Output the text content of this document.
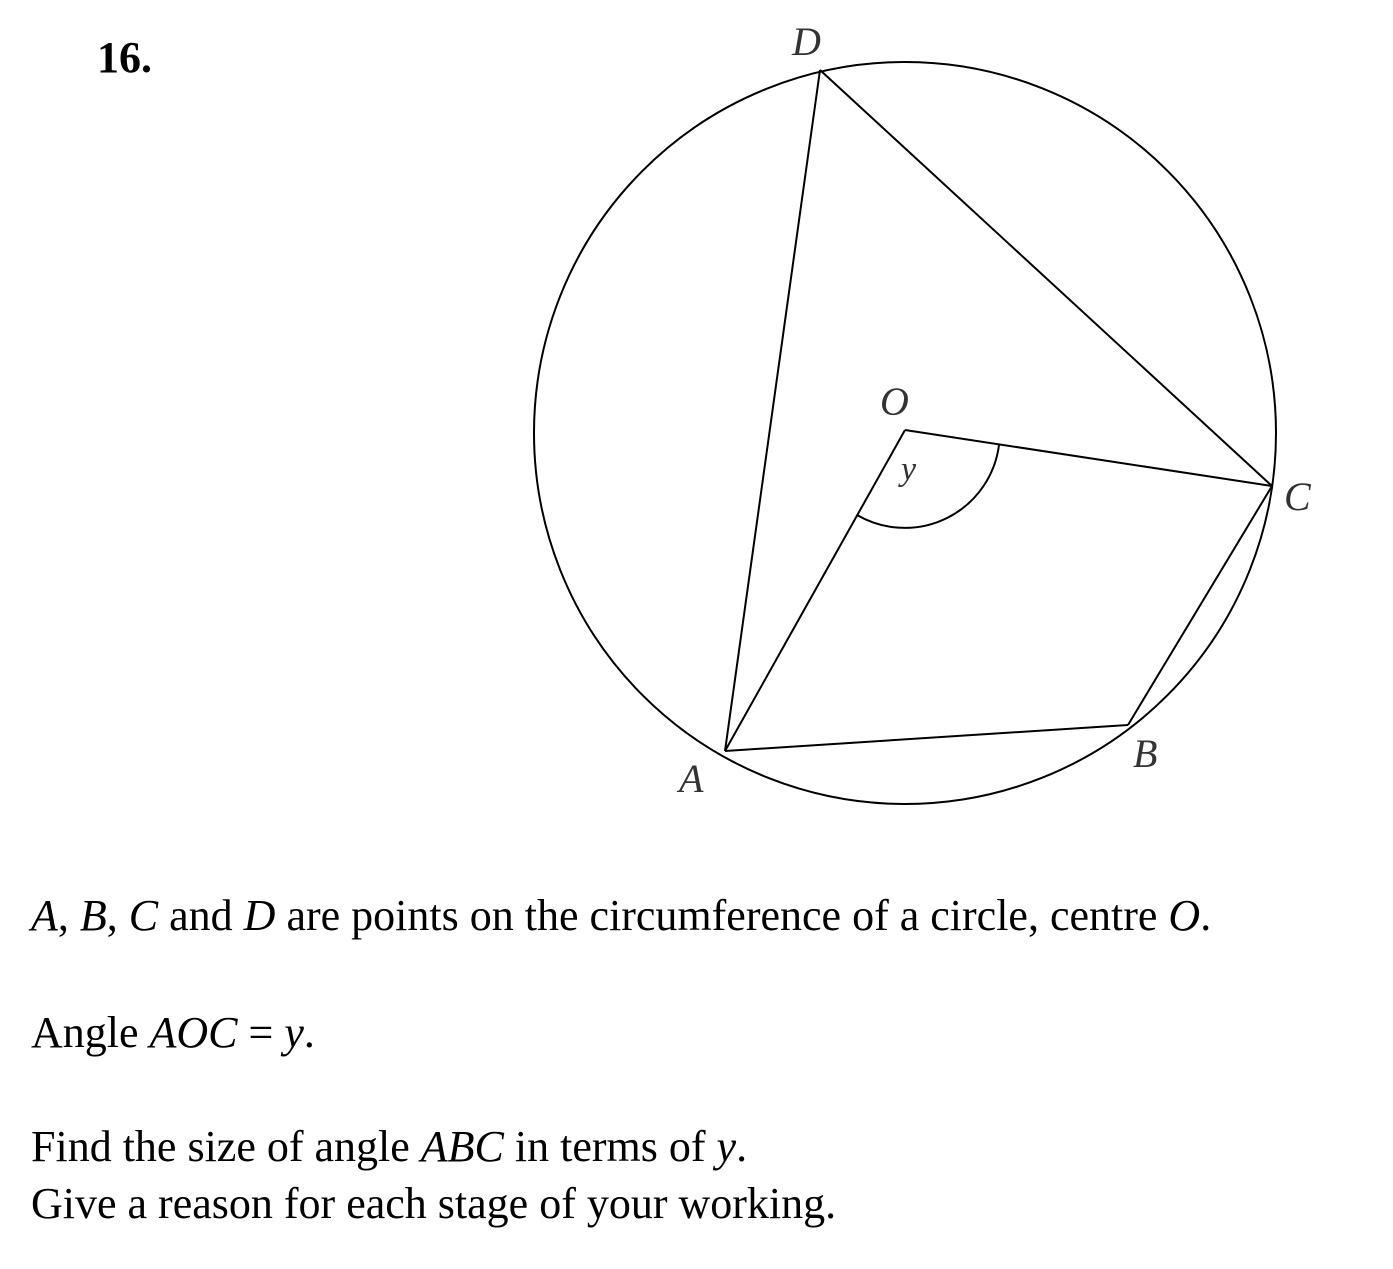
16.	D
O
y
C
B
A
A, B, C and D are points on the circumference of a circle, centre O.
Angle AOC = y.
Find the size of angle ABC in terms of y.
Give a reason for each stage of your working.
